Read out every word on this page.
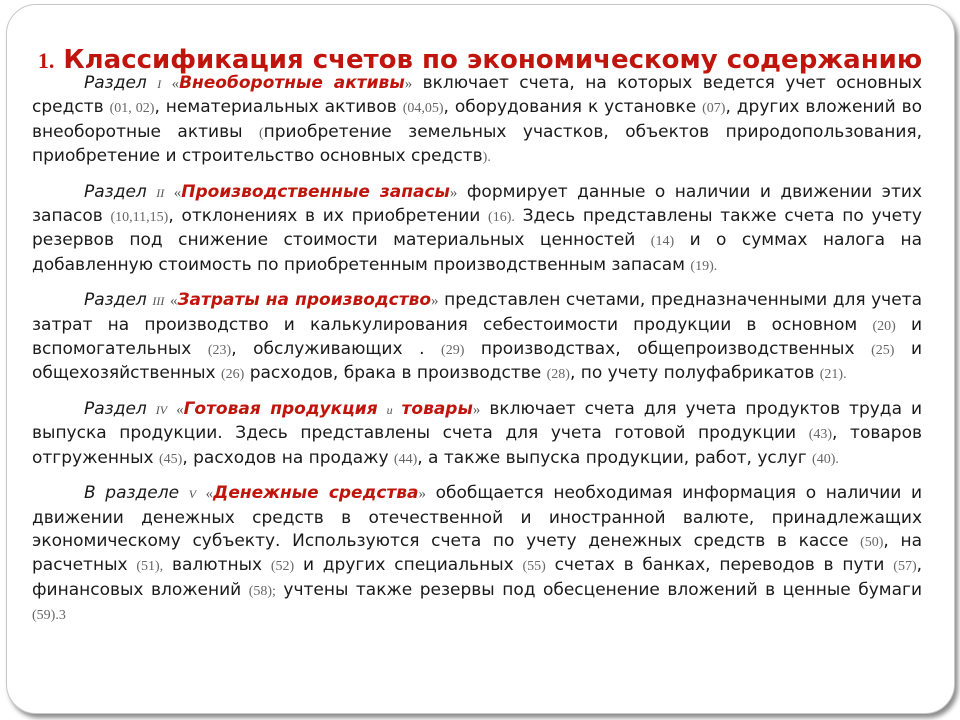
1. Классификация счетов по экономическому содержанию

Раздел I «Внеоборотные активы» включает счета, на которых ведется учет основных средств (01, 02), нематериальных активов (04,05), оборудования к установке (07), других вложений во внеоборотные активы (приобретение земельных участков, объектов природопользования, приобретение и строительство основных средств).

Раздел II «Производственные запасы» формирует данные о наличии и движении этих запасов (10,11,15), отклонениях в их приобретении (16). Здесь представлены также счета по учету резервов под снижение стоимости материальных ценностей (14) и о суммах налога на добавленную стоимость по приобретенным производственным запасам (19).

Раздел III «Затраты на производство» представлен счетами, предназначенными для учета затрат на производство и калькулирования себестоимости продукции в основном (20) и вспомогательных (23), обслуживающих . (29) производствах, общепроизводственных (25) и общехозяйственных (26) расходов, брака в производстве (28), по учету полуфабрикатов (21).

Раздел IV «Готовая продукция и товары» включает счета для учета продуктов труда и выпуска продукции. Здесь представлены счета для учета готовой продукции (43), товаров отгруженных (45), расходов на продажу (44), а также выпуска продукции, работ, услуг (40).

В разделе V «Денежные средства» обобщается необходимая информация о наличии и движении денежных средств в отечественной и иностранной валюте, принадлежащих экономическому субъекту. Используются счета по учету денежных средств в кассе (50), на расчетных (51), валютных (52) и других специальных (55) счетах в банках, переводов в пути (57), финансовых вложений (58); учтены также резервы под обесценение вложений в ценные бумаги (59).3
